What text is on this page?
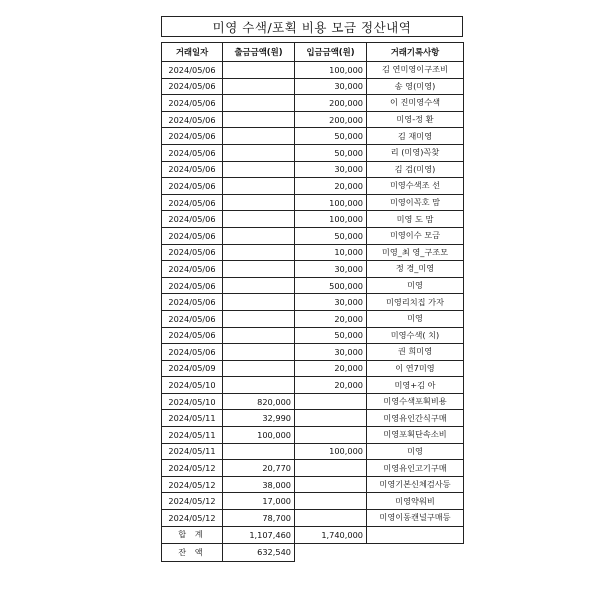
미영 수색/포획 비용 모금 정산내역
거래일자	출금금액(원)	입금금액(원)	거래기록사항
2024/05/06		100,000	김 연미영이구조비
2024/05/06		30,000	송 영(미영)
2024/05/06		200,000	이 진미영수색
2024/05/06		200,000	미영-정 환
2024/05/06		50,000	김 재미영
2024/05/06		50,000	리 (미영)꼭찾
2024/05/06		30,000	김 검(미영)
2024/05/06		20,000	미영수색조 선
2024/05/06		100,000	미영이꼭호 맘
2024/05/06		100,000	미영 도 맘
2024/05/06		50,000	미영이수 모금
2024/05/06		10,000	미영_최 영_구조모
2024/05/06		30,000	정 경_미영
2024/05/06		500,000	미영
2024/05/06		30,000	미영리치집 가자
2024/05/06		20,000	미영
2024/05/06		50,000	미영수색( 치)
2024/05/06		30,000	권 희미영
2024/05/09		20,000	이 연7미영
2024/05/10		20,000	미영+김 아
2024/05/10	820,000		미영수색포획비용
2024/05/11	32,990		미영유인간식구매
2024/05/11	100,000		미영포획단속소비
2024/05/11		100,000	미영
2024/05/12	20,770		미영유인고기구매
2024/05/12	38,000		미영기본신체검사등
2024/05/12	17,000		미영약워비
2024/05/12	78,700		미영이동캔널구매등
합 계	1,107,460	1,740,000	
잔 액	632,540		
